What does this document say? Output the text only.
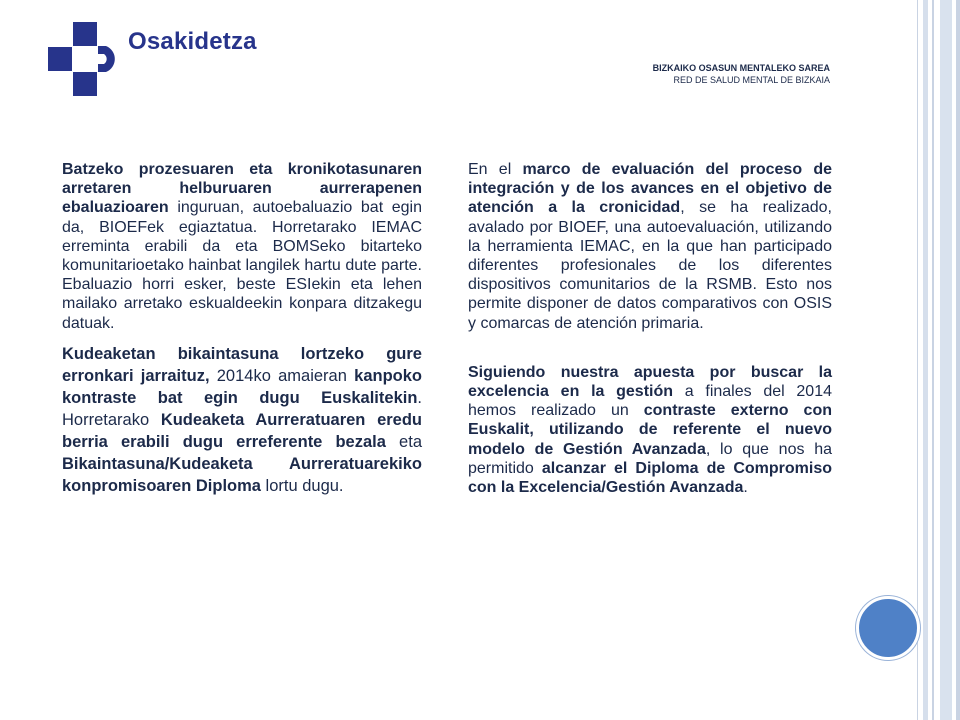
Osakidetza
BIZKAIKO OSASUN MENTALEKO SAREA
RED DE SALUD MENTAL DE BIZKAIA

Batzeko prozesuaren eta kronikotasunaren arretaren helburuaren aurrerapenen ebaluazioaren inguruan, autoebaluazio bat egin da, BIOEFek egiaztatua. Horretarako IEMAC erreminta erabili da eta BOMSeko bitarteko komunitarioetako hainbat langilek hartu dute parte. Ebaluazio horri esker, beste ESIekin eta lehen mailako arretako eskualdeekin konpara ditzakegu datuak.

Kudeaketan bikaintasuna lortzeko gure erronkari jarraituz, 2014ko amaieran kanpoko kontraste bat egin dugu Euskalitekin. Horretarako Kudeaketa Aurreratuaren eredu berria erabili dugu erreferente bezala eta Bikaintasuna/Kudeaketa Aurreratuarekiko konpromisoaren Diploma lortu dugu.

En el marco de evaluación del proceso de integración y de los avances en el objetivo de atención a la cronicidad, se ha realizado, avalado por BIOEF, una autoevaluación, utilizando la herramienta IEMAC, en la que han participado diferentes profesionales de los diferentes dispositivos comunitarios de la RSMB. Esto nos permite disponer de datos comparativos con OSIS y comarcas de atención primaria.

Siguiendo nuestra apuesta por buscar la excelencia en la gestión a finales del 2014 hemos realizado un contraste externo con Euskalit, utilizando de referente el nuevo modelo de Gestión Avanzada, lo que nos ha permitido alcanzar el Diploma de Compromiso con la Excelencia/Gestión Avanzada.
